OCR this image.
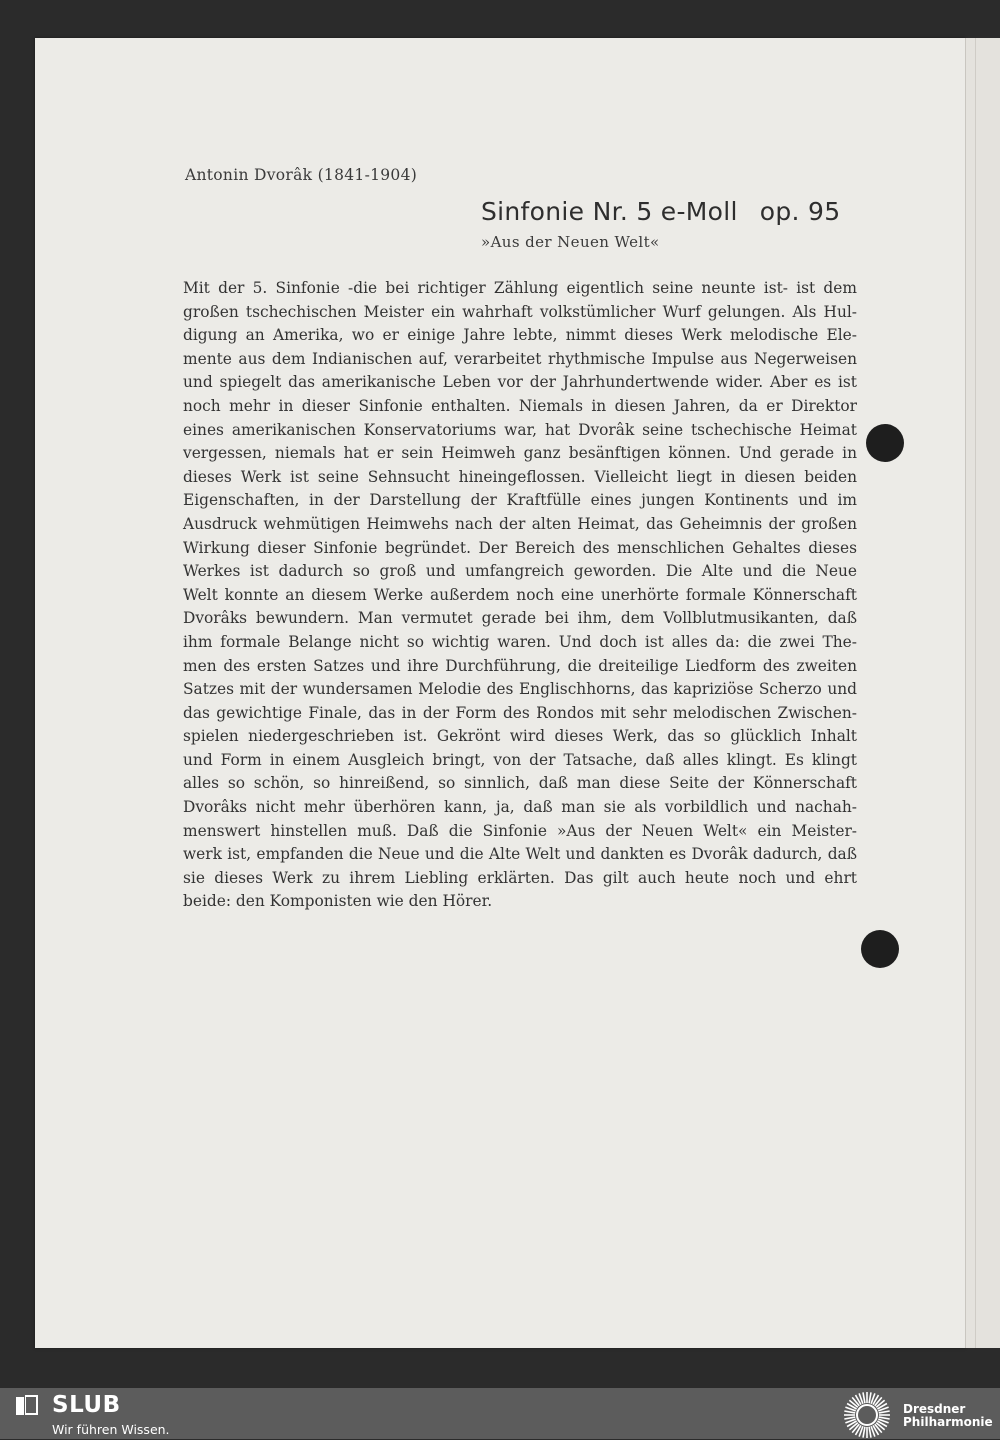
Antonin Dvorâk (1841-1904)
Sinfonie Nr. 5 e-Moll op. 95
»Aus der Neuen Welt«
Mit der 5. Sinfonie -die bei richtiger Zählung eigentlich seine neunte ist- ist dem
großen tschechischen Meister ein wahrhaft volkstümlicher Wurf gelungen. Als Hul-
digung an Amerika, wo er einige Jahre lebte, nimmt dieses Werk melodische Ele-
mente aus dem Indianischen auf, verarbeitet rhythmische Impulse aus Negerweisen
und spiegelt das amerikanische Leben vor der Jahrhundertwende wider. Aber es ist
noch mehr in dieser Sinfonie enthalten. Niemals in diesen Jahren, da er Direktor
eines amerikanischen Konservatoriums war, hat Dvorâk seine tschechische Heimat
vergessen, niemals hat er sein Heimweh ganz besänftigen können. Und gerade in
dieses Werk ist seine Sehnsucht hineingeflossen. Vielleicht liegt in diesen beiden
Eigenschaften, in der Darstellung der Kraftfülle eines jungen Kontinents und im
Ausdruck wehmütigen Heimwehs nach der alten Heimat, das Geheimnis der großen
Wirkung dieser Sinfonie begründet. Der Bereich des menschlichen Gehaltes dieses
Werkes ist dadurch so groß und umfangreich geworden. Die Alte und die Neue
Welt konnte an diesem Werke außerdem noch eine unerhörte formale Könnerschaft
Dvorâks bewundern. Man vermutet gerade bei ihm, dem Vollblutmusikanten, daß
ihm formale Belange nicht so wichtig waren. Und doch ist alles da: die zwei The-
men des ersten Satzes und ihre Durchführung, die dreiteilige Liedform des zweiten
Satzes mit der wundersamen Melodie des Englischhorns, das kapriziöse Scherzo und
das gewichtige Finale, das in der Form des Rondos mit sehr melodischen Zwischen-
spielen niedergeschrieben ist. Gekrönt wird dieses Werk, das so glücklich Inhalt
und Form in einem Ausgleich bringt, von der Tatsache, daß alles klingt. Es klingt
alles so schön, so hinreißend, so sinnlich, daß man diese Seite der Könnerschaft
Dvorâks nicht mehr überhören kann, ja, daß man sie als vorbildlich und nachah-
menswert hinstellen muß. Daß die Sinfonie »Aus der Neuen Welt« ein Meister-
werk ist, empfanden die Neue und die Alte Welt und dankten es Dvorâk dadurch, daß
sie dieses Werk zu ihrem Liebling erklärten. Das gilt auch heute noch und ehrt
beide: den Komponisten wie den Hörer.
SLUB
Wir führen Wissen.
Dresdner
Philharmonie
